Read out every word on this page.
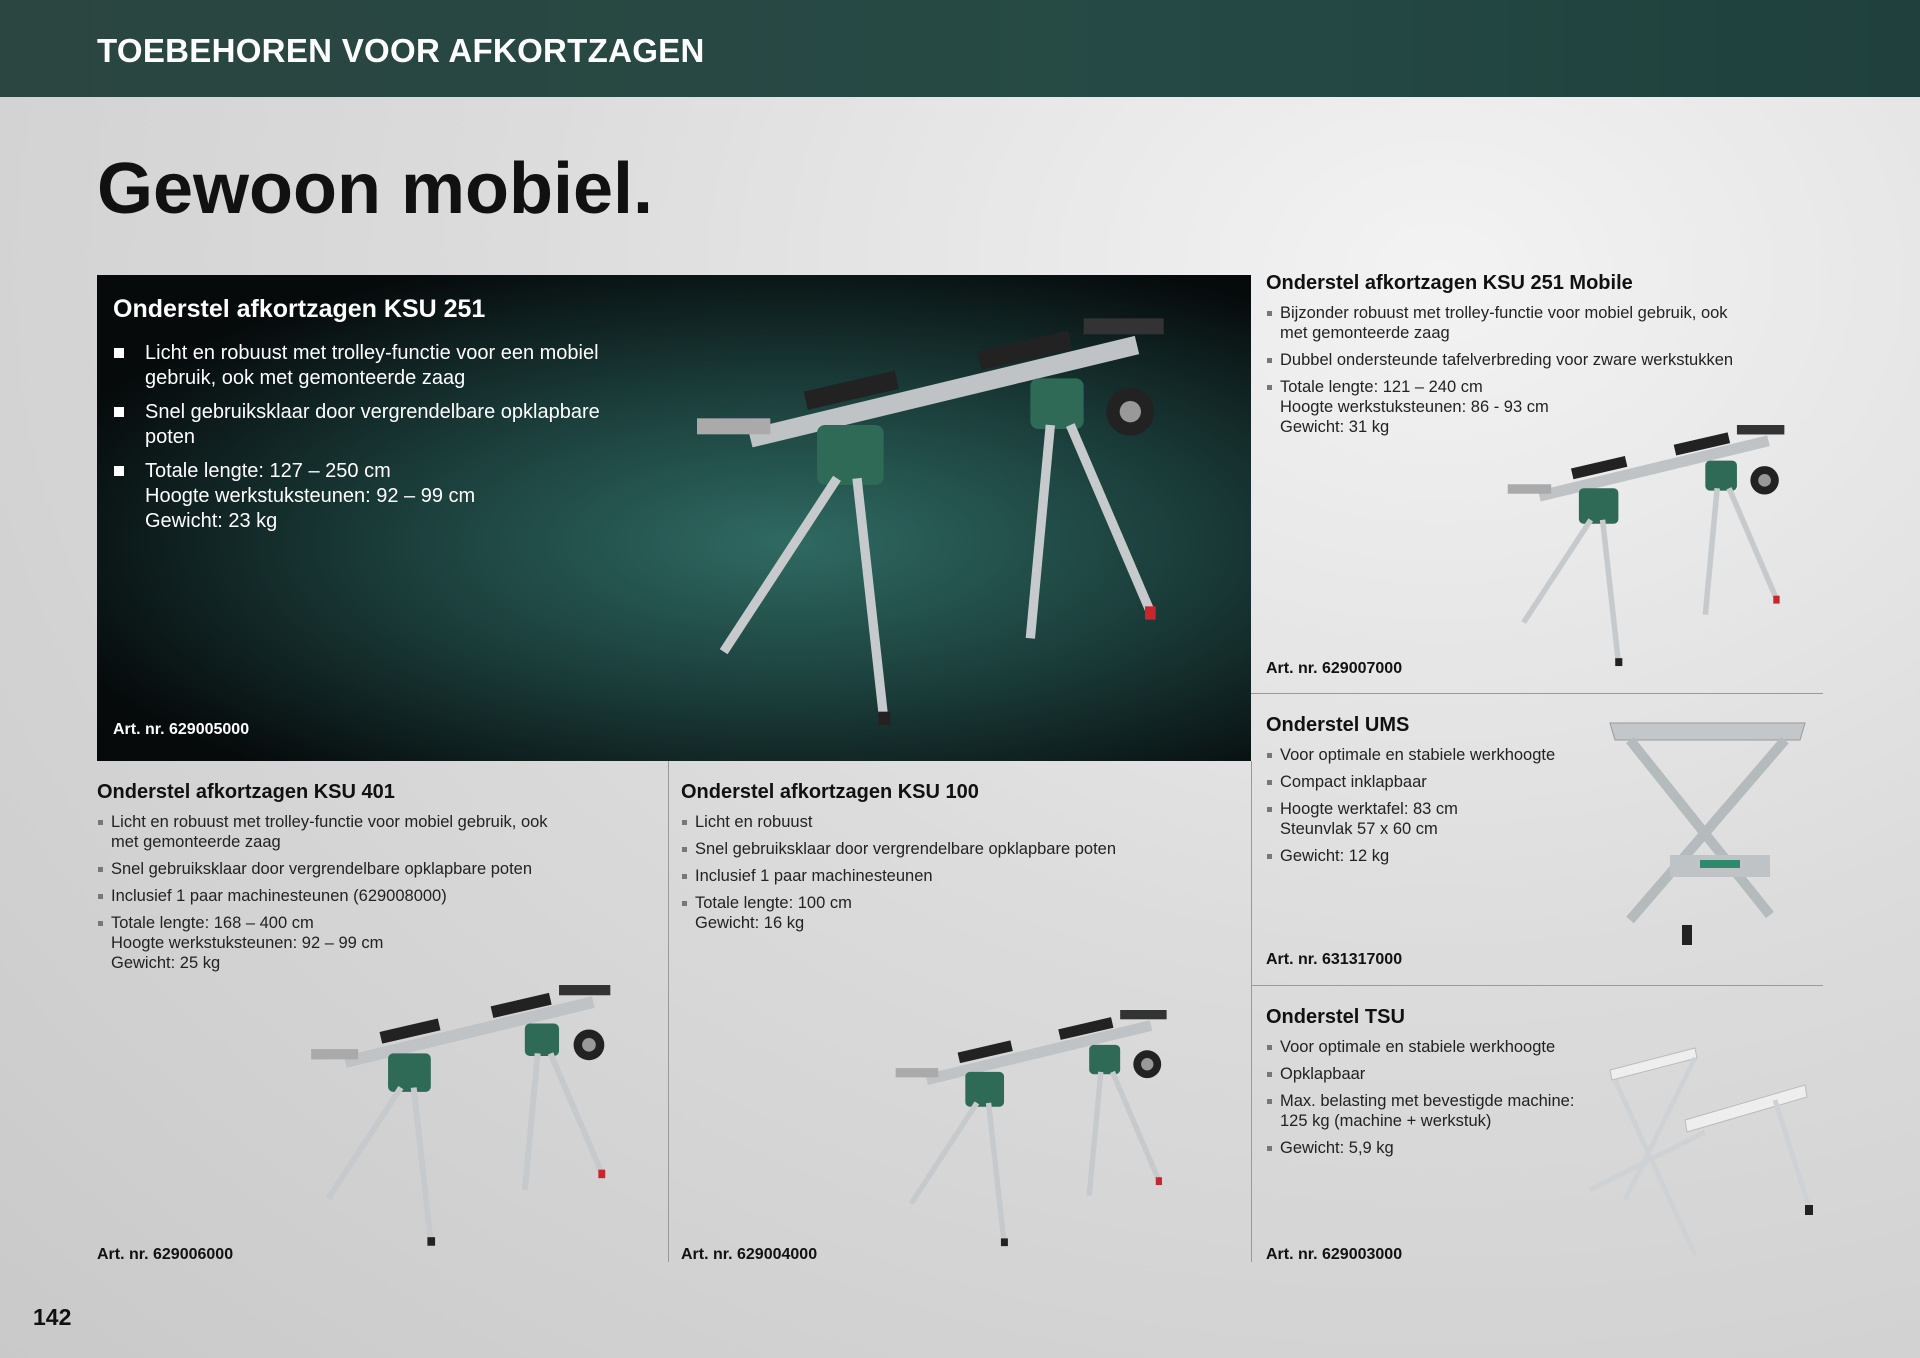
TOEBEHOREN VOOR AFKORTZAGEN
Gewoon mobiel.
Onderstel afkortzagen KSU 251
Licht en robuust met trolley-functie voor een mobiel
gebruik, ook met gemonteerde zaag
Snel gebruiksklaar door vergrendelbare opklapbare
poten
Totale lengte: 127 – 250 cm
Hoogte werkstuksteunen: 92 – 99 cm
Gewicht: 23 kg
Art. nr. 629005000
Onderstel afkortzagen KSU 251 Mobile
Bijzonder robuust met trolley-functie voor mobiel gebruik, ook
met gemonteerde zaag
Dubbel ondersteunde tafelverbreding voor zware werkstukken
Totale lengte: 121 – 240 cm
Hoogte werkstuksteunen: 86 - 93 cm
Gewicht: 31 kg
Art. nr. 629007000
Onderstel UMS
Voor optimale en stabiele werkhoogte
Compact inklapbaar
Hoogte werktafel: 83 cm
Steunvlak 57 x 60 cm
Gewicht: 12 kg
Art. nr. 631317000
Onderstel TSU
Voor optimale en stabiele werkhoogte
Opklapbaar
Max. belasting met bevestigde machine:
125 kg (machine + werkstuk)
Gewicht: 5,9 kg
Art. nr. 629003000
Onderstel afkortzagen KSU 401
Licht en robuust met trolley-functie voor mobiel gebruik, ook
met gemonteerde zaag
Snel gebruiksklaar door vergrendelbare opklapbare poten
Inclusief 1 paar machinesteunen (629008000)
Totale lengte: 168 – 400 cm
Hoogte werkstuksteunen: 92 – 99 cm
Gewicht: 25 kg
Art. nr. 629006000
Onderstel afkortzagen KSU 100
Licht en robuust
Snel gebruiksklaar door vergrendelbare opklapbare poten
Inclusief 1 paar machinesteunen
Totale lengte: 100 cm
Gewicht: 16 kg
Art. nr. 629004000
142
